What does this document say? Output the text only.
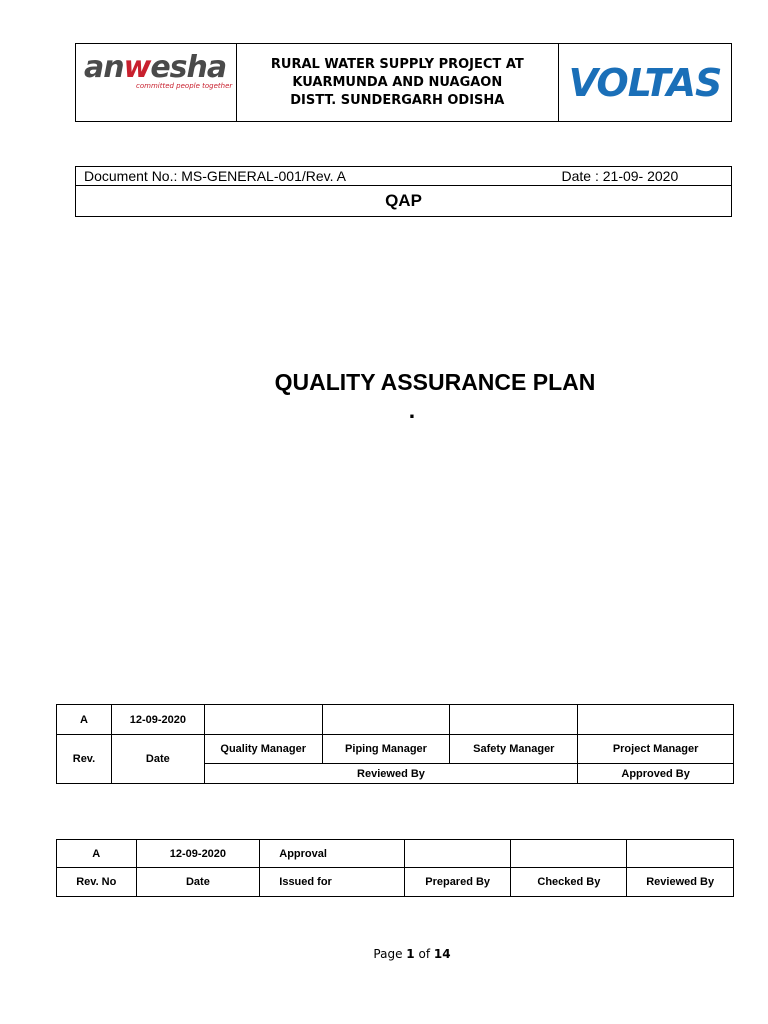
anwesha
committed people together

RURAL WATER SUPPLY PROJECT AT
KUARMUNDA AND NUAGAON
DISTT. SUNDERGARH ODISHA	VOLTAS
Document No.: MS-GENERAL-001/Rev. A	Date : 21-09- 2020

QAP
QUALITY ASSURANCE PLAN
.
A	12-09-2020				
Rev.	Date	Quality Manager	Piping Manager	Safety Manager	Project Manager
		Reviewed By			Approved By
A	12-09-2020	Approval			
Rev. No	Date	Issued for	Prepared By	Checked By	Reviewed By
Page 1 of 14
